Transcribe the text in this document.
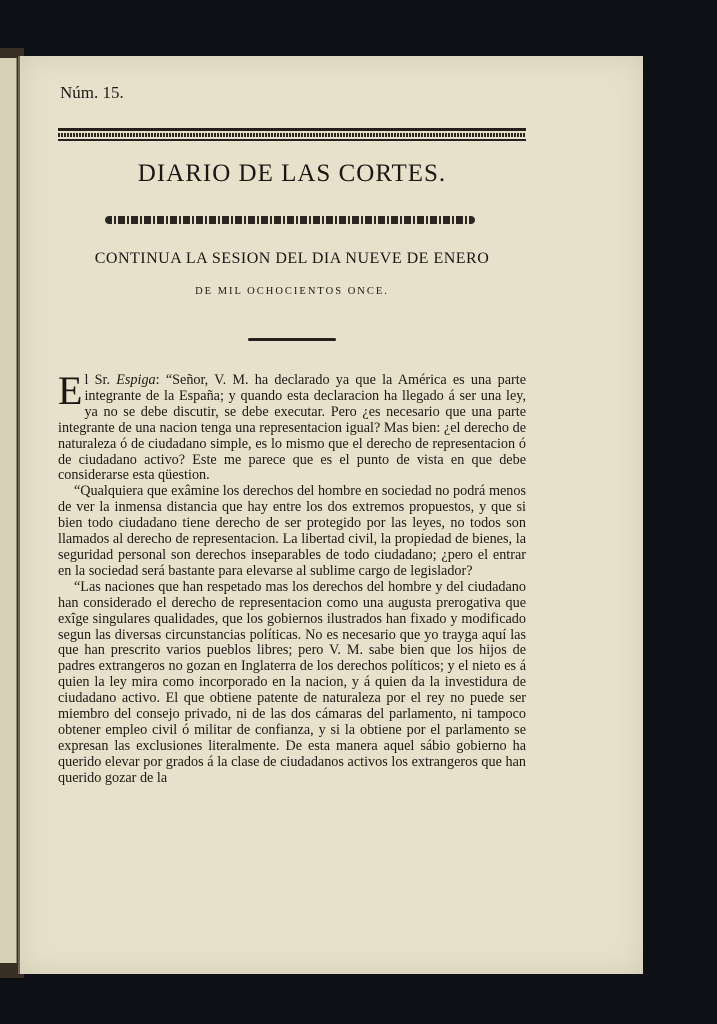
Núm. 15.

DIARIO DE LAS CORTES.
CONTINUA LA SESION DEL DIA NUEVE DE ENERO

DE MIL OCHOCIENTOS ONCE.

El Sr. Espiga: “Señor, V. M. ha declarado ya que la América es una parte integrante de la España; y quando esta declaracion ha llegado á ser una ley, ya no se debe discutir, se debe executar. Pero ¿es necesario que una parte integrante de una nacion tenga una representacion igual? Mas bien: ¿el derecho de naturaleza ó de ciudadano simple, es lo mismo que el derecho de representacion ó de ciudadano activo? Este me parece que es el punto de vista en que debe considerarse esta qüestion.

“Qualquiera que exâmine los derechos del hombre en sociedad no podrá menos de ver la inmensa distancia que hay entre los dos extremos propuestos, y que si bien todo ciudadano tiene derecho de ser protegido por las leyes, no todos son llamados al derecho de representacion. La libertad civil, la propiedad de bienes, la seguridad personal son derechos inseparables de todo ciudadano; ¿pero el entrar en la sociedad será bastante para elevarse al sublime cargo de legislador?

“Las naciones que han respetado mas los derechos del hombre y del ciudadano han considerado el derecho de representacion como una augusta prerogativa que exîge singulares qualidades, que los gobiernos ilustrados han fixado y modificado segun las diversas circunstancias políticas. No es necesario que yo trayga aquí las que han prescrito varios pueblos libres; pero V. M. sabe bien que los hijos de padres extrangeros no gozan en Inglaterra de los derechos políticos; y el nieto es á quien la ley mira como incorporado en la nacion, y á quien da la investidura de ciudadano activo. El que obtiene patente de naturaleza por el rey no puede ser miembro del consejo privado, ni de las dos cámaras del parlamento, ni tampoco obtener empleo civil ó militar de confianza, y si la obtiene por el parlamento se expresan las exclusiones literalmente. De esta manera aquel sábio gobierno ha querido elevar por grados á la clase de ciudadanos activos los extrangeros que han querido gozar de la
